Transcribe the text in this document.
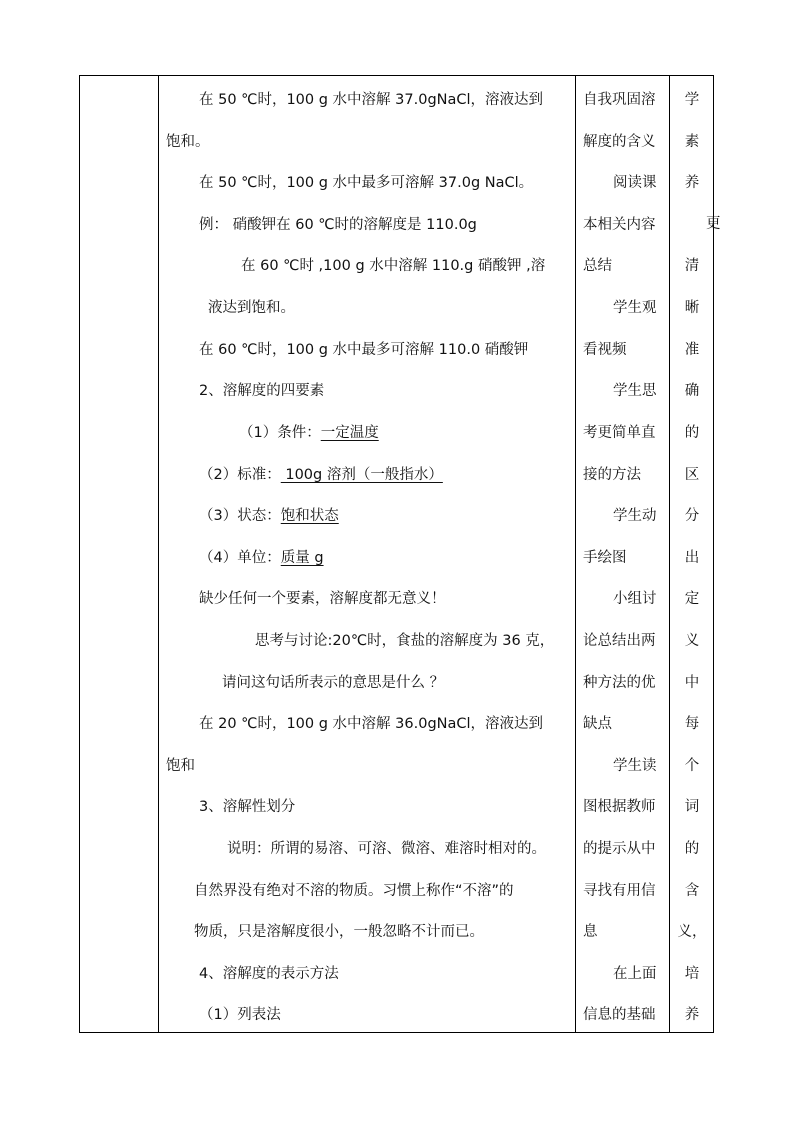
在 50 ℃时，100 g 水中溶解 37.0gNaCl，溶液达到
饱和。
在 50 ℃时，100 g 水中最多可溶解 37.0g NaCl。
例： 硝酸钾在 60 ℃时的溶解度是 110.0g
在 60 ℃时 ,100 g 水中溶解 110.g 硝酸钾 ,溶
液达到饱和。
在 60 ℃时，100 g 水中最多可溶解 110.0 硝酸钾
2、溶解度的四要素
（1）条件：一定温度
（2）标准： 100g 溶剂（一般指水）
（3）状态：饱和状态
（4）单位：质量 g
缺少任何一个要素，溶解度都无意义！
思考与讨论:20℃时，食盐的溶解度为 36 克，
请问这句话所表示的意思是什么 ？
在 20 ℃时，100 g 水中溶解 36.0gNaCl，溶液达到
饱和
3、溶解性划分
说明：所谓的易溶、可溶、微溶、难溶时相对的。
自然界没有绝对不溶的物质。习惯上称作“不溶”的
物质，只是溶解度很小，一般忽略不计而已。
4、溶解度的表示方法
（1）列表法
自我巩固溶
解度的含义
阅读课
本相关内容
总结
学生观
看视频
学生思
考更简单直
接的方法
学生动
手绘图
小组讨
论总结出两
种方法的优
缺点
学生读
图根据教师
的提示从中
寻找有用信
息
在上面
信息的基础
学
素
养
清
晰
准
确
的
区
分
出
定
义
中
每
个
词
的
含
义，
培
养
更
